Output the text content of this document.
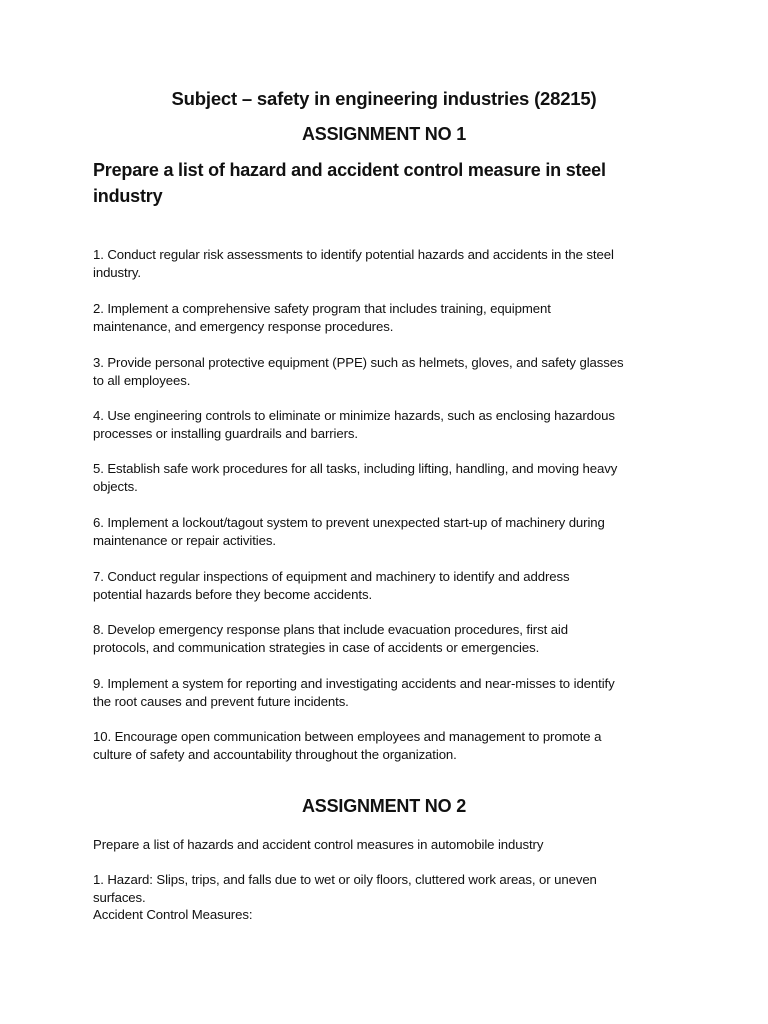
Subject – safety in engineering industries (28215)
ASSIGNMENT NO 1
Prepare a list of hazard and accident control measure in steel
industry
1. Conduct regular risk assessments to identify potential hazards and accidents in the steel
industry.
2. Implement a comprehensive safety program that includes training, equipment
maintenance, and emergency response procedures.
3. Provide personal protective equipment (PPE) such as helmets, gloves, and safety glasses
to all employees.
4. Use engineering controls to eliminate or minimize hazards, such as enclosing hazardous
processes or installing guardrails and barriers.
5. Establish safe work procedures for all tasks, including lifting, handling, and moving heavy
objects.
6. Implement a lockout/tagout system to prevent unexpected start-up of machinery during
maintenance or repair activities.
7. Conduct regular inspections of equipment and machinery to identify and address
potential hazards before they become accidents.
8. Develop emergency response plans that include evacuation procedures, first aid
protocols, and communication strategies in case of accidents or emergencies.
9. Implement a system for reporting and investigating accidents and near-misses to identify
the root causes and prevent future incidents.
10. Encourage open communication between employees and management to promote a
culture of safety and accountability throughout the organization.
ASSIGNMENT NO 2
Prepare a list of hazards and accident control measures in automobile industry
1. Hazard: Slips, trips, and falls due to wet or oily floors, cluttered work areas, or uneven
surfaces.
Accident Control Measures:
